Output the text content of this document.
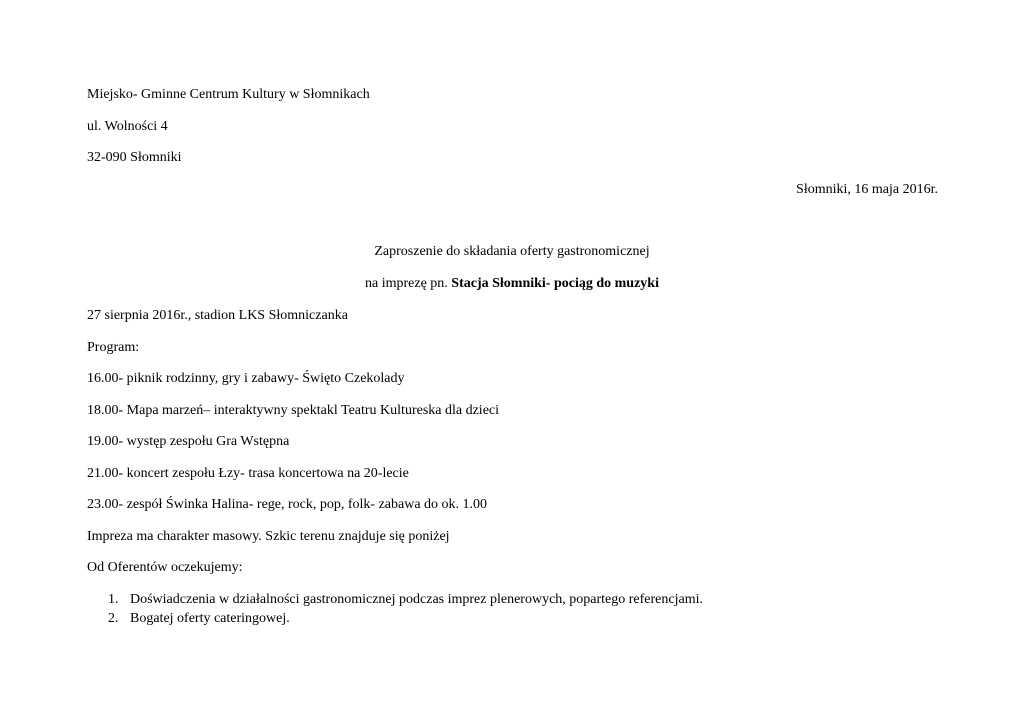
Miejsko- Gminne Centrum Kultury w Słomnikach
ul. Wolności 4
32-090 Słomniki
Słomniki, 16 maja 2016r.
Zaproszenie do składania oferty gastronomicznej
na imprezę pn. Stacja Słomniki- pociąg do muzyki
27 sierpnia 2016r., stadion LKS Słomniczanka
Program:
16.00- piknik rodzinny, gry i zabawy- Święto Czekolady
18.00- Mapa marzeń– interaktywny spektakl Teatru Kultureska dla dzieci
19.00- występ zespołu Gra Wstępna
21.00- koncert zespołu Łzy- trasa koncertowa na 20-lecie
23.00- zespół Świnka Halina- rege, rock, pop, folk- zabawa do ok. 1.00
Impreza ma charakter masowy. Szkic terenu znajduje się poniżej
Od Oferentów oczekujemy:
1. Doświadczenia w działalności gastronomicznej podczas imprez plenerowych, popartego referencjami.
2. Bogatej oferty cateringowej.
